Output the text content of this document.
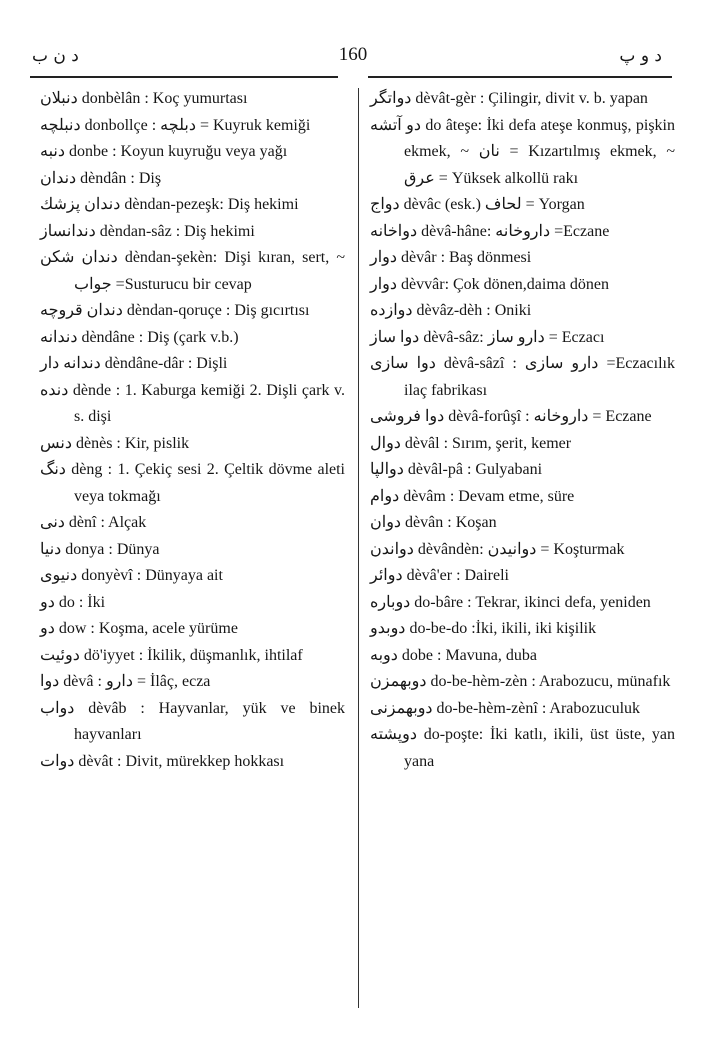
د ن ب	160	د و پ
دنبلان donbèlân : Koç yumurtası
دنبلچه donbollçe : دبلچه = Kuyruk kemiği
دنبه donbe : Koyun kuyruğu veya yağı
دندان dèndân : Diş
دندان پزشك dèndan-pezeşk: Diş hekimi
دندانساز dèndan-sâz : Diş hekimi
دندان شكن dèndan-şekèn: Dişi kıran, sert, ~ جواب =Susturucu bir cevap
دندان قروچه dèndan-qoruçe : Diş gıcırtısı
دندانه dèndâne : Diş (çark v.b.)
دندانه دار dèndâne-dâr : Dişli
دنده dènde : 1. Kaburga kemiği 2. Dişli çark v. s. dişi
دنس dènès : Kir, pislik
دنگ dèng : 1. Çekiç sesi 2. Çeltik dövme aleti veya tokmağı
دنی dènî : Alçak
دنیا donya : Dünya
دنیوی donyèvî : Dünyaya ait
دو do : İki
دو dow : Koşma, acele yürüme
دوئیت dö'iyyet : İkilik, düşmanlık, ihtilaf
دوا dèvâ : دارو = İlâç, ecza
دواب dèvâb : Hayvanlar, yük ve binek hayvanları
دوات dèvât : Divit, mürekkep hokkası
دواتگر dèvât-gèr : Çilingir, divit v. b. yapan
دو آتشه do âteşe: İki defa ateşe konmuş, pişkin ekmek, ~ نان = Kızartılmış ekmek, ~ عرق = Yüksek alkollü rakı
دواج dèvâc (esk.) لحاف = Yorgan
دواخانه dèvâ-hâne: داروخانه =Eczane
دوار dèvâr : Baş dönmesi
دوار dèvvâr: Çok dönen,daima dönen
دوازده dèvâz-dèh : Oniki
دوا ساز dèvâ-sâz: دارو ساز = Eczacı
دوا سازی dèvâ-sâzî : دارو سازی =Eczacılık ilaç fabrikası
دوا فروشی dèvâ-forûşî : داروخانه = Eczane
دوال dèvâl : Sırım, şerit, kemer
دوالپا dèvâl-pâ : Gulyabani
دوام dèvâm : Devam etme, süre
دوان dèvân : Koşan
دواندن dèvândèn: دوانیدن = Koşturmak
دوائر dèvâ'er : Daireli
دوباره do-bâre : Tekrar, ikinci defa, yeniden
دوبدو do-be-do :İki, ikili, iki kişilik
دوبه dobe : Mavuna, duba
دوبهمزن do-be-hèm-zèn : Arabozucu, münafık
دوبهمزنی do-be-hèm-zènî : Arabozuculuk
دوپشته do-poşte: İki katlı, ikili, üst üste, yan yana
